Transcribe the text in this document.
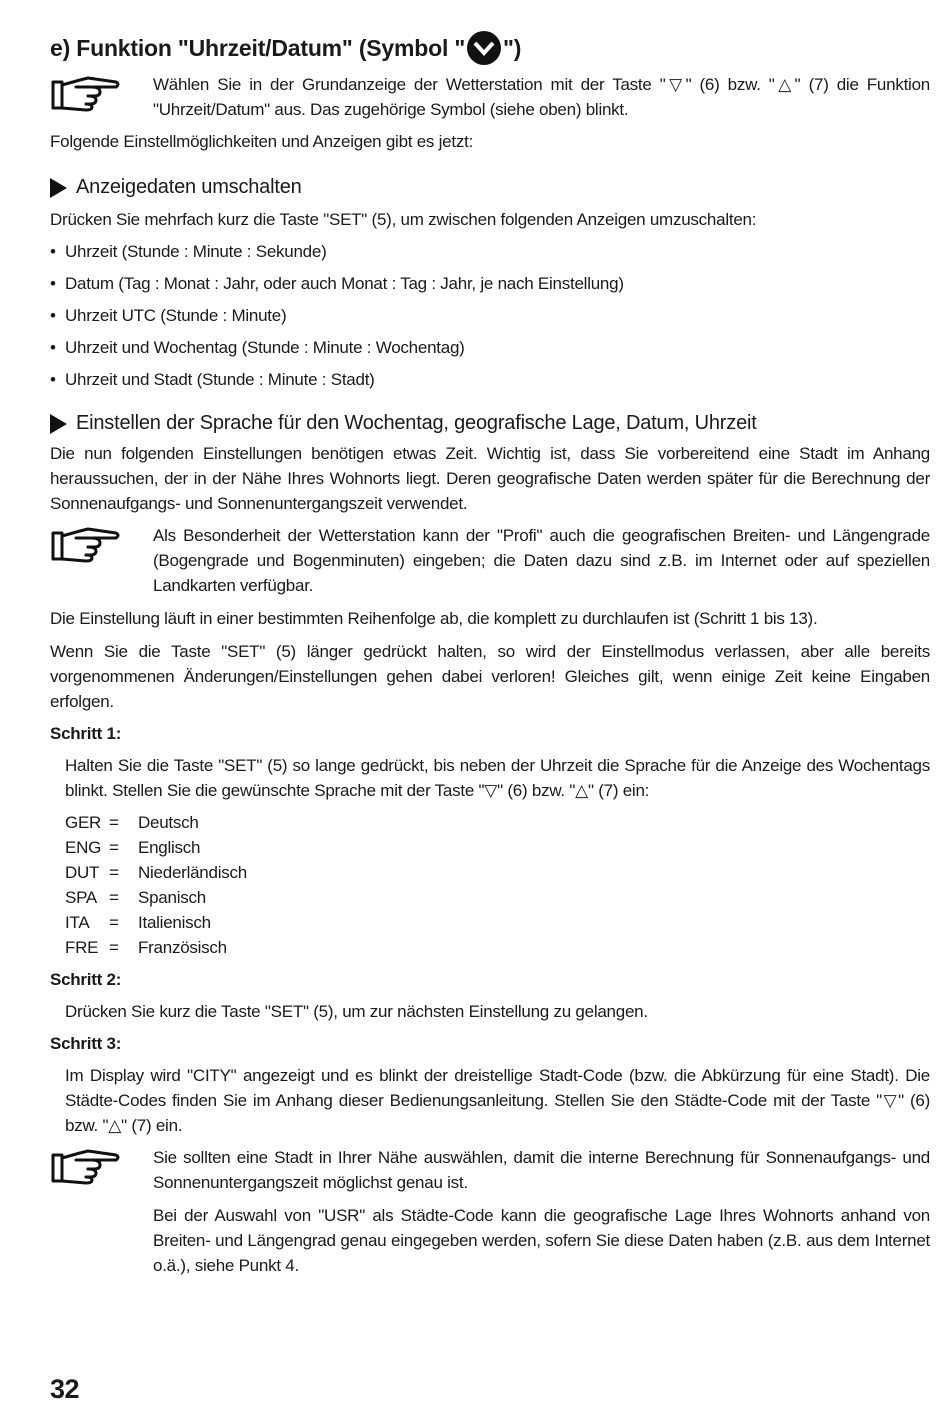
e) Funktion "Uhrzeit/Datum" (Symbol " ")

Wählen Sie in der Grundanzeige der Wetterstation mit der Taste "▽" (6) bzw. "△" (7) die Funktion "Uhrzeit/Datum" aus. Das zugehörige Symbol (siehe oben) blinkt.

Folgende Einstellmöglichkeiten und Anzeigen gibt es jetzt:

Anzeigedaten umschalten

Drücken Sie mehrfach kurz die Taste "SET" (5), um zwischen folgenden Anzeigen umzuschalten:

• Uhrzeit (Stunde : Minute : Sekunde)
• Datum (Tag : Monat : Jahr, oder auch Monat : Tag : Jahr, je nach Einstellung)
• Uhrzeit UTC (Stunde : Minute)
• Uhrzeit und Wochentag (Stunde : Minute : Wochentag)
• Uhrzeit und Stadt (Stunde : Minute : Stadt)
Einstellen der Sprache für den Wochentag, geografische Lage, Datum, Uhrzeit

Die nun folgenden Einstellungen benötigen etwas Zeit. Wichtig ist, dass Sie vorbereitend eine Stadt im Anhang heraussuchen, der in der Nähe Ihres Wohnorts liegt. Deren geografische Daten werden später für die Berechnung der Sonnenaufgangs- und Sonnenuntergangszeit verwendet.

Als Besonderheit der Wetterstation kann der "Profi" auch die geografischen Breiten- und Längengrade (Bogengrade und Bogenminuten) eingeben; die Daten dazu sind z.B. im Internet oder auf speziellen Landkarten verfügbar.

Die Einstellung läuft in einer bestimmten Reihenfolge ab, die komplett zu durchlaufen ist (Schritt 1 bis 13).

Wenn Sie die Taste "SET" (5) länger gedrückt halten, so wird der Einstellmodus verlassen, aber alle bereits vorgenommenen Änderungen/Einstellungen gehen dabei verloren! Gleiches gilt, wenn einige Zeit keine Eingaben erfolgen.

Schritt 1:

Halten Sie die Taste "SET" (5) so lange gedrückt, bis neben der Uhrzeit die Sprache für die Anzeige des Wochentags blinkt. Stellen Sie die gewünschte Sprache mit der Taste "▽" (6) bzw. "△" (7) ein:

GER	=	Deutsch
ENG	=	Englisch
DUT	=	Niederländisch
SPA	=	Spanisch
ITA	=	Italienisch
FRE	=	Französisch
Schritt 2:

Drücken Sie kurz die Taste "SET" (5), um zur nächsten Einstellung zu gelangen.

Schritt 3:

Im Display wird "CITY" angezeigt und es blinkt der dreistellige Stadt-Code (bzw. die Abkürzung für eine Stadt). Die Städte-Codes finden Sie im Anhang dieser Bedienungsanleitung. Stellen Sie den Städte-Code mit der Taste "▽" (6) bzw. "△" (7) ein.

Sie sollten eine Stadt in Ihrer Nähe auswählen, damit die interne Berechnung für Sonnenaufgangs- und Sonnenuntergangszeit möglichst genau ist.

Bei der Auswahl von "USR" als Städte-Code kann die geografische Lage Ihres Wohnorts anhand von Breiten- und Längengrad genau eingegeben werden, sofern Sie diese Daten haben (z.B. aus dem Internet o.ä.), siehe Punkt 4.

32
